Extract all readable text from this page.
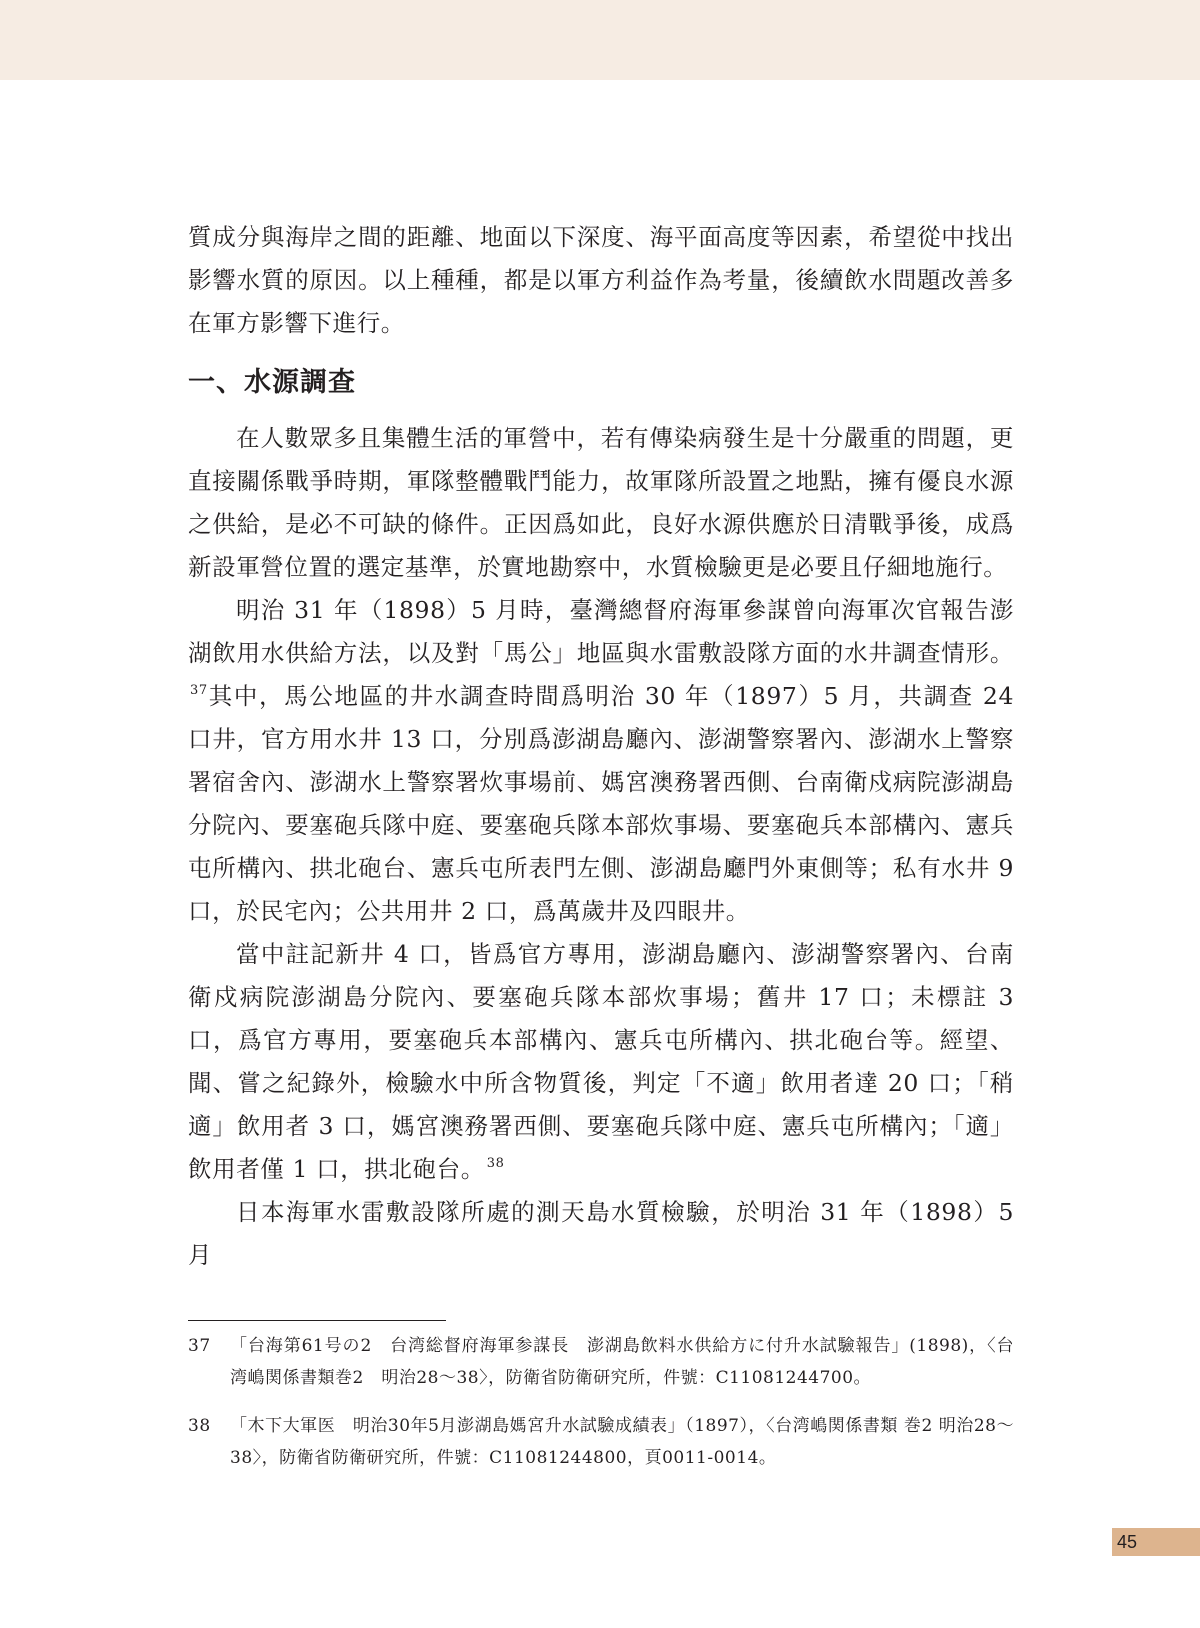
質成分與海岸之間的距離、地面以下深度、海平面高度等因素，希望從中找出影響水質的原因。以上種種，都是以軍方利益作為考量，後續飲水問題改善多在軍方影響下進行。

一、水源調查

在人數眾多且集體生活的軍營中，若有傳染病發生是十分嚴重的問題，更直接關係戰爭時期，軍隊整體戰鬥能力，故軍隊所設置之地點，擁有優良水源之供給，是必不可缺的條件。正因爲如此，良好水源供應於日清戰爭後，成爲新設軍營位置的選定基準，於實地勘察中，水質檢驗更是必要且仔細地施行。

明治 31 年（1898）5 月時，臺灣總督府海軍參謀曾向海軍次官報告澎湖飲用水供給方法，以及對「馬公」地區與水雷敷設隊方面的水井調查情形。$^{37}$其中，馬公地區的井水調查時間爲明治 30 年（1897）5 月，共調查 24 口井，官方用水井 13 口，分別爲澎湖島廳內、澎湖警察署內、澎湖水上警察署宿舍內、澎湖水上警察署炊事場前、媽宮澳務署西側、台南衛戍病院澎湖島分院內、要塞砲兵隊中庭、要塞砲兵隊本部炊事場、要塞砲兵本部構內、憲兵屯所構內、拱北砲台、憲兵屯所表門左側、澎湖島廳門外東側等；私有水井 9 口，於民宅內；公共用井 2 口，爲萬歲井及四眼井。

當中註記新井 4 口，皆爲官方專用，澎湖島廳內、澎湖警察署內、台南衛戍病院澎湖島分院內、要塞砲兵隊本部炊事場；舊井 17 口；未標註 3 口，爲官方專用，要塞砲兵本部構內、憲兵屯所構內、拱北砲台等。經望、聞、嘗之紀錄外，檢驗水中所含物質後，判定「不適」飲用者達 20 口；「稍適」飲用者 3 口，媽宮澳務署西側、要塞砲兵隊中庭、憲兵屯所構內；「適」飲用者僅 1 口，拱北砲台。 $^{38}$

日本海軍水雷敷設隊所處的測天島水質檢驗，於明治 31 年（1898）5 月

37	「台海第61号の2　台湾総督府海軍参謀長　澎湖島飲料水供給方に付升水試驗報告」(1898)，〈台湾嶋関係書類巻2　明治28～38〉，防衛省防衛研究所，件號：C11081244700。
38	「木下大軍医　明治30年5月澎湖島媽宮升水試驗成績表」（1897），〈台湾嶋関係書類 巻2 明治28～38〉，防衛省防衛研究所，件號：C11081244800，頁0011-0014。
45
